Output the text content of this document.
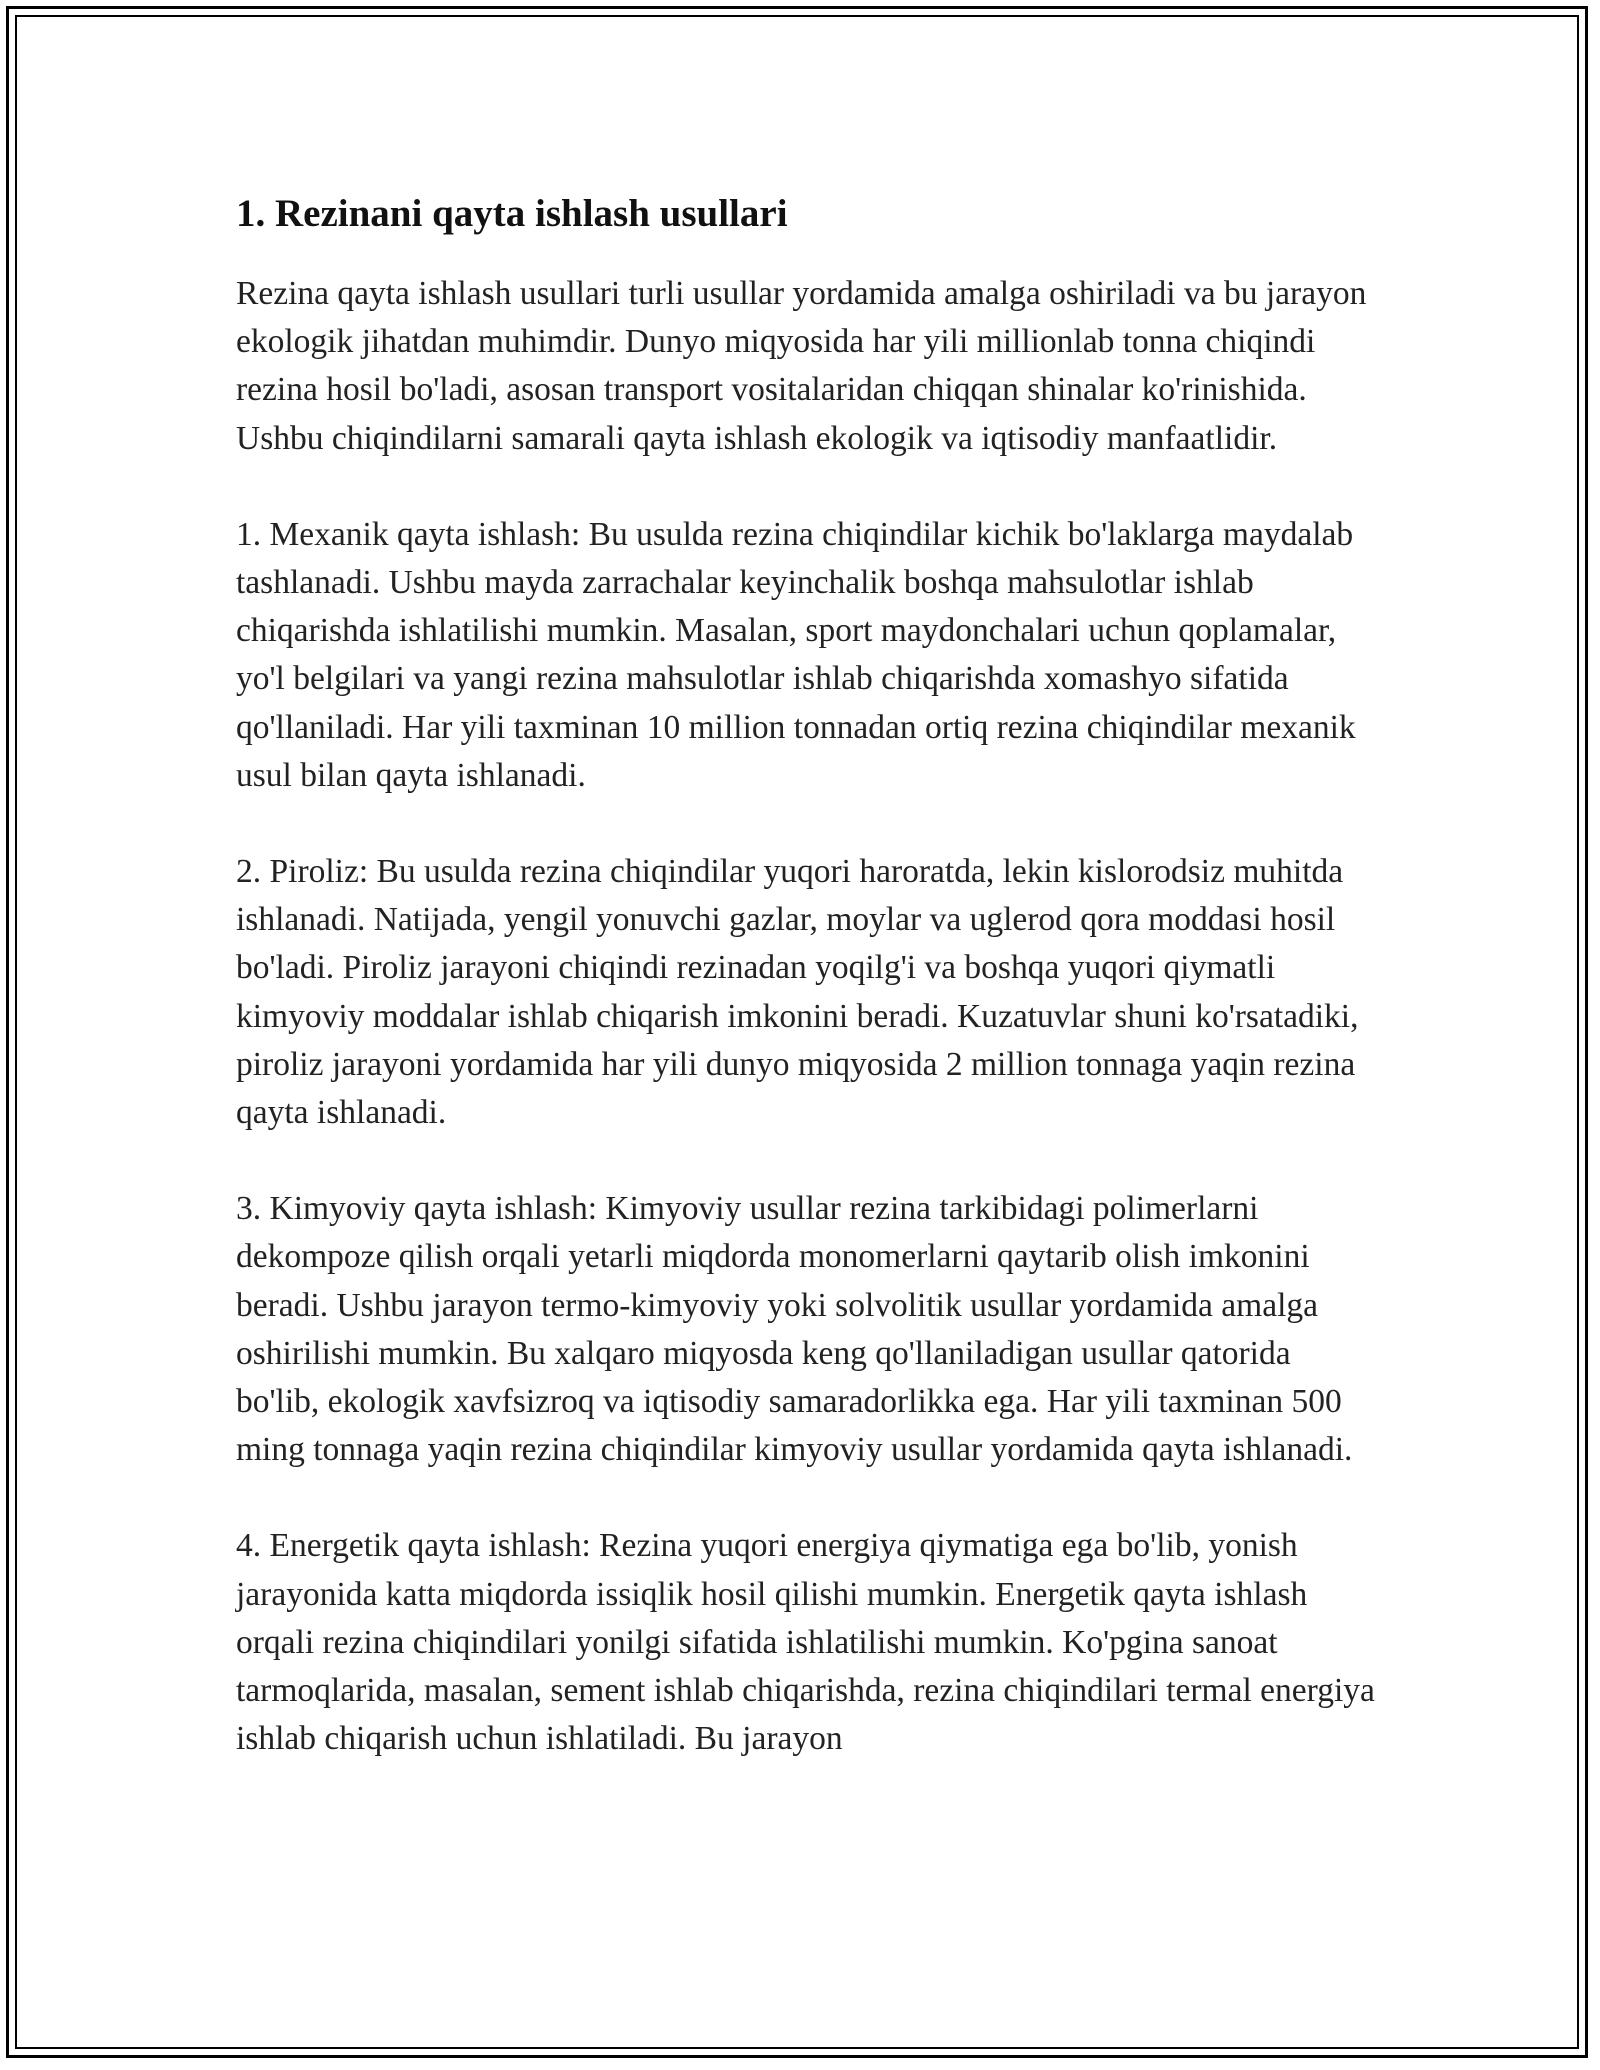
1. Rezinani qayta ishlash usullari

Rezina qayta ishlash usullari turli usullar yordamida amalga oshiriladi va bu jarayon ekologik jihatdan muhimdir. Dunyo miqyosida har yili millionlab tonna chiqindi rezina hosil bo'ladi, asosan transport vositalaridan chiqqan shinalar ko'rinishida. Ushbu chiqindilarni samarali qayta ishlash ekologik va iqtisodiy manfaatlidir.

1. Mexanik qayta ishlash: Bu usulda rezina chiqindilar kichik bo'laklarga maydalab tashlanadi. Ushbu mayda zarrachalar keyinchalik boshqa mahsulotlar ishlab chiqarishda ishlatilishi mumkin. Masalan, sport maydonchalari uchun qoplamalar, yo'l belgilari va yangi rezina mahsulotlar ishlab chiqarishda xomashyo sifatida qo'llaniladi. Har yili taxminan 10 million tonnadan ortiq rezina chiqindilar mexanik usul bilan qayta ishlanadi.

2. Piroliz: Bu usulda rezina chiqindilar yuqori haroratda, lekin kislorodsiz muhitda ishlanadi. Natijada, yengil yonuvchi gazlar, moylar va uglerod qora moddasi hosil bo'ladi. Piroliz jarayoni chiqindi rezinadan yoqilg'i va boshqa yuqori qiymatli kimyoviy moddalar ishlab chiqarish imkonini beradi. Kuzatuvlar shuni ko'rsatadiki, piroliz jarayoni yordamida har yili dunyo miqyosida 2 million tonnaga yaqin rezina qayta ishlanadi.

3. Kimyoviy qayta ishlash: Kimyoviy usullar rezina tarkibidagi polimerlarni dekompoze qilish orqali yetarli miqdorda monomerlarni qaytarib olish imkonini beradi. Ushbu jarayon termo-kimyoviy yoki solvolitik usullar yordamida amalga oshirilishi mumkin. Bu xalqaro miqyosda keng qo'llaniladigan usullar qatorida bo'lib, ekologik xavfsizroq va iqtisodiy samaradorlikka ega. Har yili taxminan 500 ming tonnaga yaqin rezina chiqindilar kimyoviy usullar yordamida qayta ishlanadi.

4. Energetik qayta ishlash: Rezina yuqori energiya qiymatiga ega bo'lib, yonish jarayonida katta miqdorda issiqlik hosil qilishi mumkin. Energetik qayta ishlash orqali rezina chiqindilari yonilgi sifatida ishlatilishi mumkin. Ko'pgina sanoat tarmoqlarida, masalan, sement ishlab chiqarishda, rezina chiqindilari termal energiya ishlab chiqarish uchun ishlatiladi. Bu jarayon
